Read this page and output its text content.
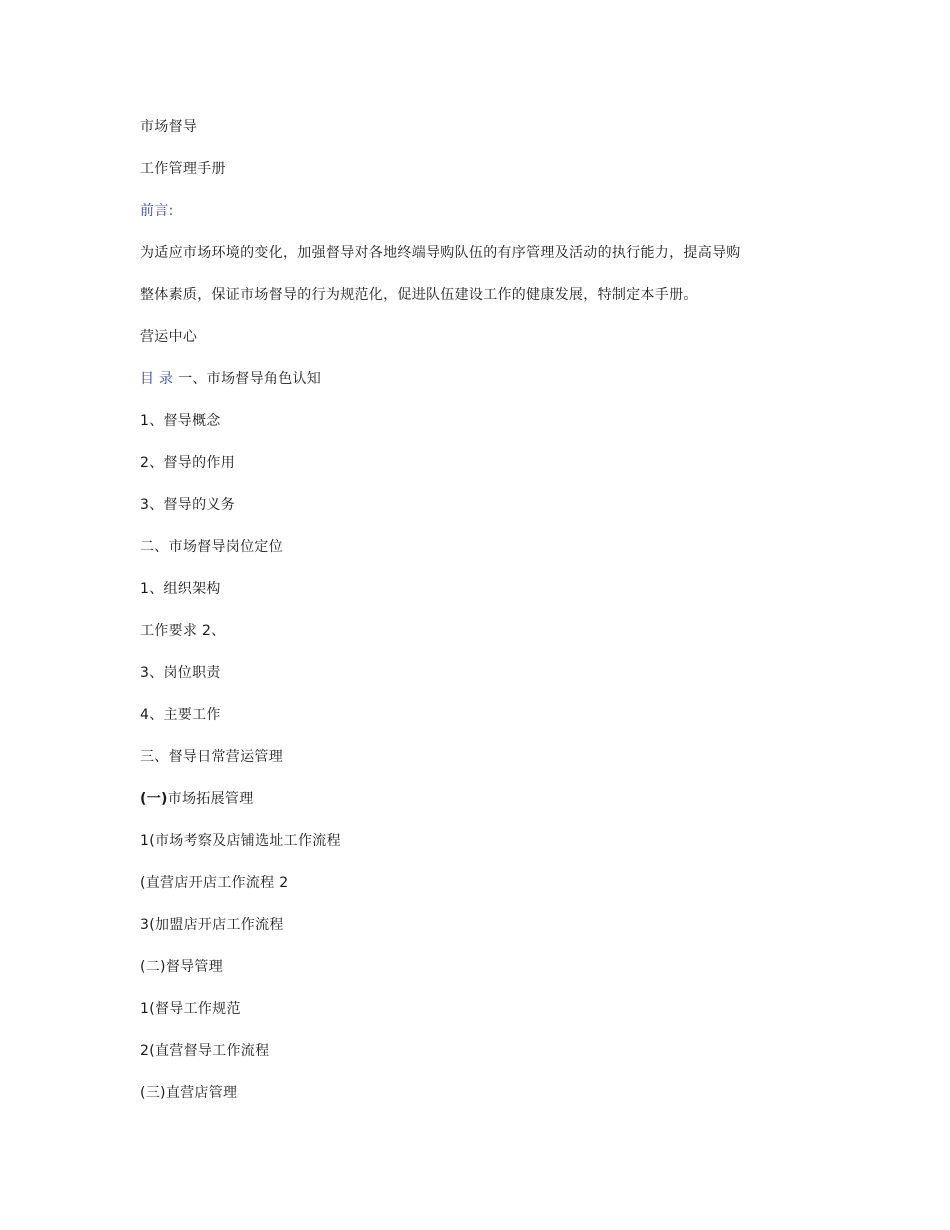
市场督导
工作管理手册
前言:
为适应市场环境的变化，加强督导对各地终端导购队伍的有序管理及活动的执行能力，提高导购
整体素质，保证市场督导的行为规范化，促进队伍建设工作的健康发展，特制定本手册。
营运中心
目 录 一、市场督导角色认知
1、督导概念
2、督导的作用
3、督导的义务
二、市场督导岗位定位
1、组织架构
工作要求 2、
3、岗位职责
4、主要工作
三、督导日常营运管理
(一)市场拓展管理
1(市场考察及店铺选址工作流程
(直营店开店工作流程 2
3(加盟店开店工作流程
(二)督导管理
1(督导工作规范
2(直营督导工作流程
(三)直营店管理
